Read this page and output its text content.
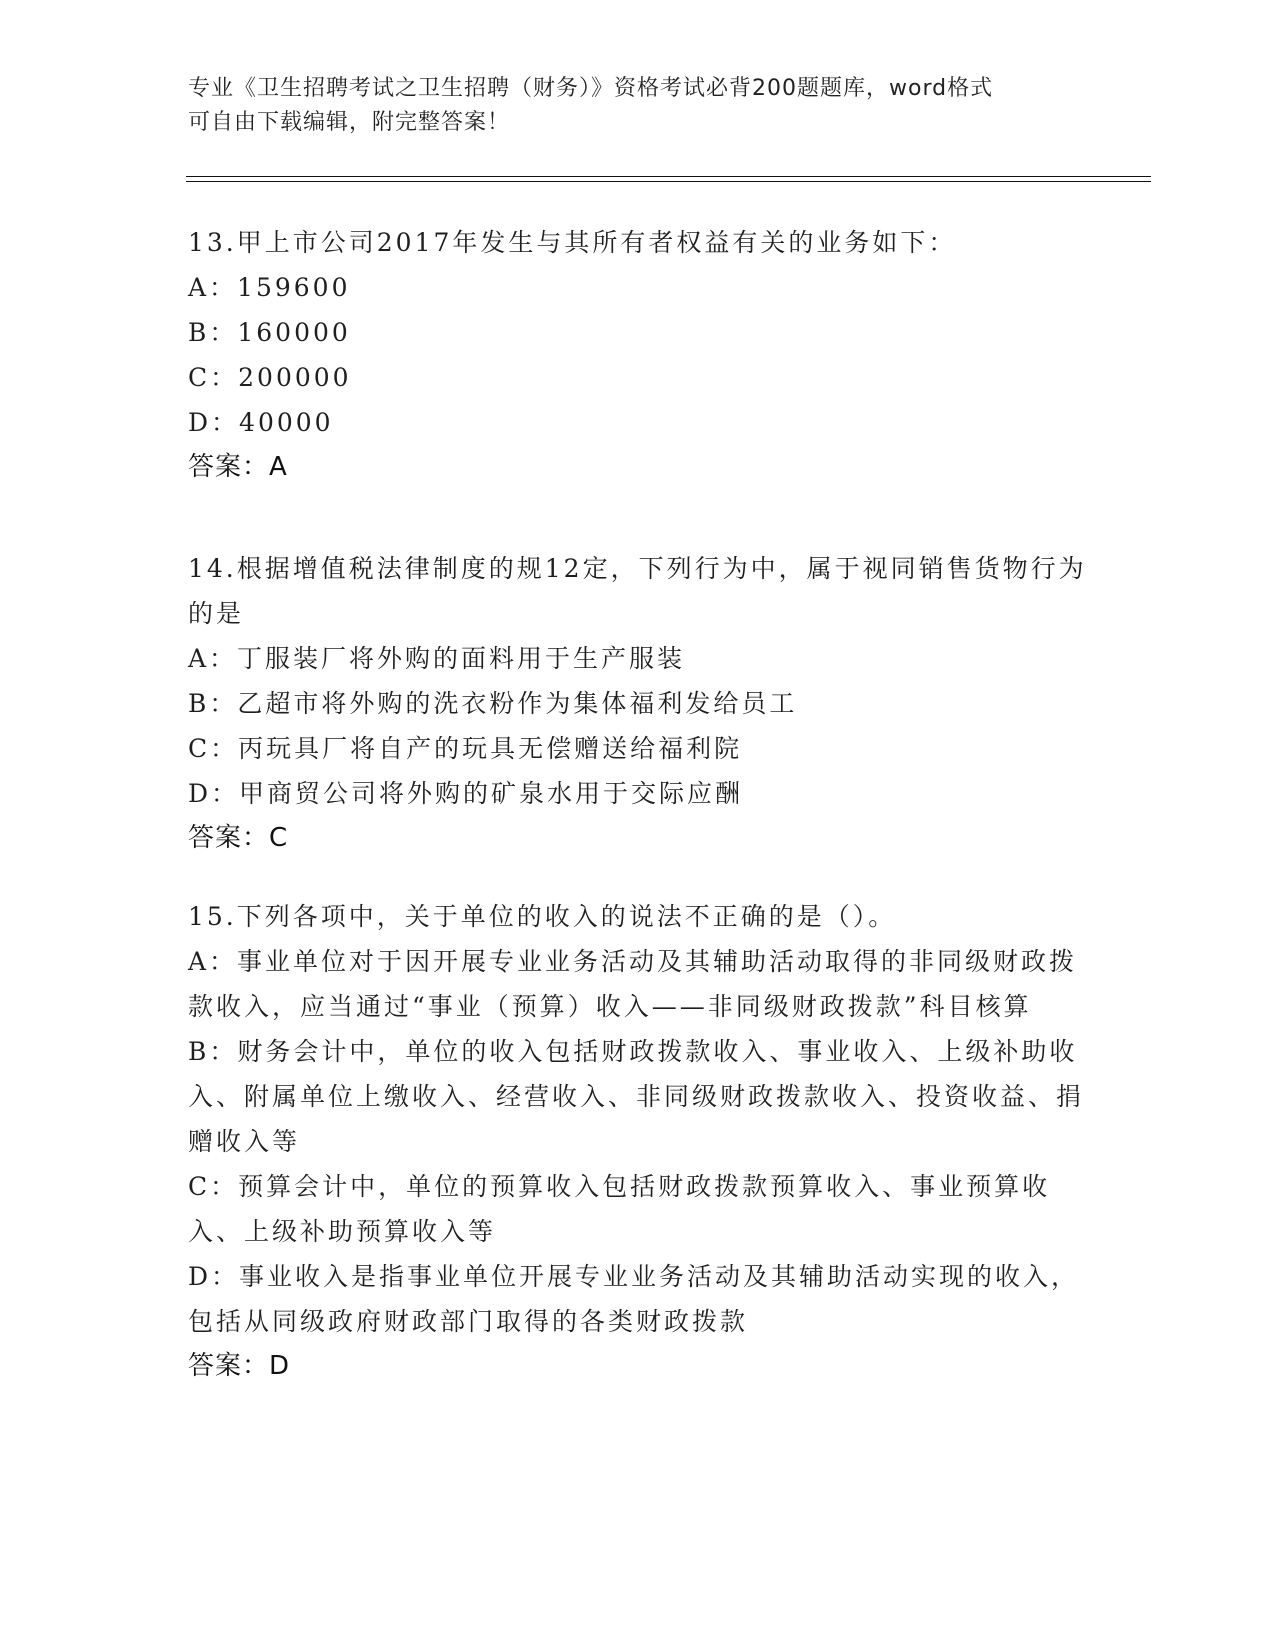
专业《卫生招聘考试之卫生招聘（财务）》资格考试必背200题题库，word格式
可自由下载编辑，附完整答案！

13.甲上市公司2017年发生与其所有者权益有关的业务如下：

A：159600

B：160000

C：200000

D：40000

答案：A

14.根据增值税法律制度的规12定，下列行为中，属于视同销售货物行为的是

A：丁服装厂将外购的面料用于生产服装

B：乙超市将外购的洗衣粉作为集体福利发给员工

C：丙玩具厂将自产的玩具无偿赠送给福利院

D：甲商贸公司将外购的矿泉水用于交际应酬

答案：C

15.下列各项中，关于单位的收入的说法不正确的是（）。

A：事业单位对于因开展专业业务活动及其辅助活动取得的非同级财政拨款收入，应当通过“事业（预算）收入——非同级财政拨款”科目核算

B：财务会计中，单位的收入包括财政拨款收入、事业收入、上级补助收入、附属单位上缴收入、经营收入、非同级财政拨款收入、投资收益、捐赠收入等

C：预算会计中，单位的预算收入包括财政拨款预算收入、事业预算收入、上级补助预算收入等

D：事业收入是指事业单位开展专业业务活动及其辅助活动实现的收入，包括从同级政府财政部门取得的各类财政拨款

答案：D
